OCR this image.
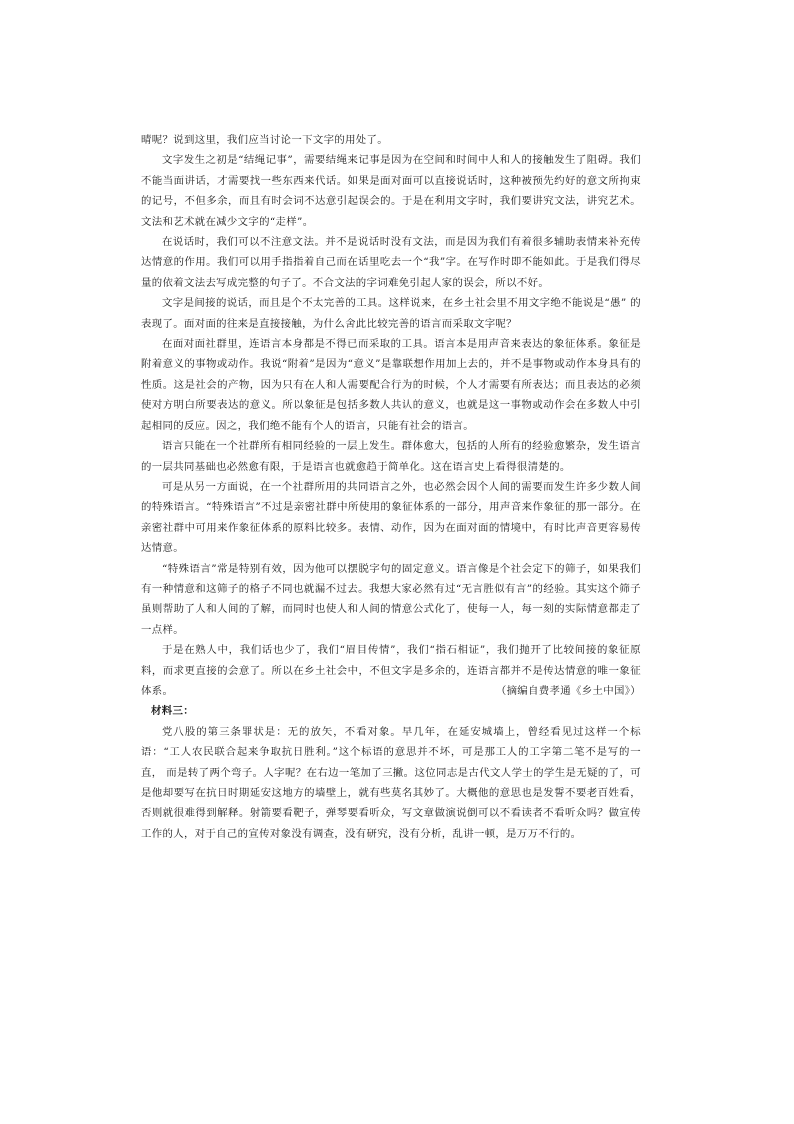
晴呢？说到这里，我们应当讨论一下文字的用处了。

文字发生之初是“结绳记事”，需要结绳来记事是因为在空间和时间中人和人的接触发生了阻碍。我们不能当面讲话，才需要找一些东西来代话。如果是面对面可以直接说话时，这种被预先约好的意文所拘束的记号，不但多余，而且有时会词不达意引起误会的。于是在利用文字时，我们要讲究文法，讲究艺术。文法和艺术就在减少文字的“走样”。

在说话时，我们可以不注意文法。并不是说话时没有文法，而是因为我们有着很多辅助表情来补充传达情意的作用。我们可以用手指指着自己而在话里吃去一个“我”字。在写作时即不能如此。于是我们得尽量的依着文法去写成完整的句子了。不合文法的字词难免引起人家的误会，所以不好。

文字是间接的说话，而且是个不太完善的工具。这样说来，在乡土社会里不用文字绝不能说是“愚” 的表现了。面对面的往来是直接接触，为什么舍此比较完善的语言而采取文字呢？

在面对面社群里，连语言本身都是不得已而采取的工具。语言本是用声音来表达的象征体系。象征是附着意义的事物或动作。我说“附着”是因为“意义”是靠联想作用加上去的，并不是事物或动作本身具有的性质。这是社会的产物，因为只有在人和人需要配合行为的时候，个人才需要有所表达；而且表达的必须使对方明白所要表达的意义。所以象征是包括多数人共认的意义，也就是这一事物或动作会在多数人中引起相同的反应。因之，我们绝不能有个人的语言，只能有社会的语言。

语言只能在一个社群所有相同经验的一层上发生。群体愈大，包括的人所有的经验愈繁杂，发生语言的一层共同基础也必然愈有限，于是语言也就愈趋于简单化。这在语言史上看得很清楚的。

可是从另一方面说，在一个社群所用的共同语言之外，也必然会因个人间的需要而发生许多少数人间的特殊语言。“特殊语言”不过是亲密社群中所使用的象征体系的一部分，用声音来作象征的那一部分。在亲密社群中可用来作象征体系的原料比较多。表情、动作，因为在面对面的情境中，有时比声音更容易传达情意。

“特殊语言”常是特别有效，因为他可以摆脱字句的固定意义。语言像是个社会定下的筛子，如果我们有一种情意和这筛子的格子不同也就漏不过去。我想大家必然有过“无言胜似有言”的经验。其实这个筛子虽则帮助了人和人间的了解，而同时也使人和人间的情意公式化了，使每一人，每一刻的实际情意都走了一点样。

于是在熟人中，我们话也少了，我们“眉目传情”，我们“指石相证”，我们抛开了比较间接的象征原料，而求更直接的会意了。所以在乡土社会中，不但文字是多余的，连语言都并不是传达情意的唯一象征体系。	（摘编自费孝通《乡土中国》）

材料三：

党八股的第三条罪状是：无的放矢，不看对象。早几年，在延安城墙上，曾经看见过这样一个标语：“工人农民联合起来争取抗日胜利。”这个标语的意思并不坏，可是那工人的工字第二笔不是写的一直， 而是转了两个弯子。人字呢？在右边一笔加了三撇。这位同志是古代文人学士的学生是无疑的了，可是他却要写在抗日时期延安这地方的墙壁上，就有些莫名其妙了。大概他的意思也是发誓不要老百姓看，否则就很难得到解释。射箭要看靶子，弹琴要看听众，写文章做演说倒可以不看读者不看听众吗？做宣传工作的人，对于自己的宣传对象没有调查，没有研究，没有分析，乱讲一顿，是万万不行的。
